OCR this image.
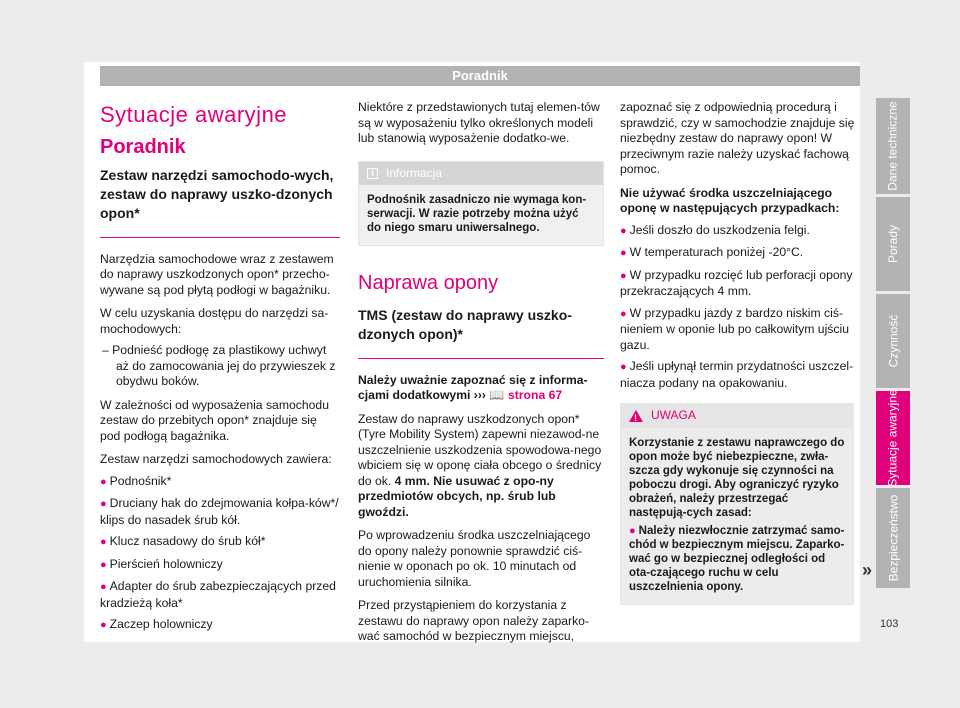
Poradnik
Sytuacje awaryjne
Poradnik
Zestaw narzędzi samochodo-wych, zestaw do naprawy uszko-dzonych opon*

Narzędzia samochodowe wraz z zestawem do naprawy uszkodzonych opon* przecho-wywane są pod płytą podłogi w bagażniku.

W celu uzyskania dostępu do narzędzi sa-mochodowych:

– Podnieść podłogę za plastikowy uchwyt aż do zamocowania jej do przywieszek z obydwu boków.

W zależności od wyposażenia samochodu zestaw do przebitych opon* znajduje się pod podłogą bagażnika.

Zestaw narzędzi samochodowych zawiera:

● Podnośnik*
● Druciany hak do zdejmowania kołpa-ków*/ klips do nasadek śrub kół.
● Klucz nasadowy do śrub kół*
● Pierścień holowniczy
● Adapter do śrub zabezpieczających przed kradzieżą koła*
● Zaczep holowniczy

Niektóre z przedstawionych tutaj elemen-tów są w wyposażeniu tylko określonych modeli lub stanowią wyposażenie dodatko-we.

i	Informacja
Podnośnik zasadniczo nie wymaga kon-serwacji. W razie potrzeby można użyć do niego smaru uniwersalnego.
Naprawa opony
TMS (zestaw do naprawy uszko-dzonych opon)*

Należy uważnie zapoznać się z informa-cjami dodatkowymi ››› 📖 strona 67

Zestaw do naprawy uszkodzonych opon* (Tyre Mobility System) zapewni niezawod-ne uszczelnienie uszkodzenia spowodowa-nego wbiciem się w oponę ciała obcego o średnicy do ok. 4 mm. Nie usuwać z opo-ny przedmiotów obcych, np. śrub lub gwoździ.

Po wprowadzeniu środka uszczelniającego do opony należy ponownie sprawdzić ciś-nienie w oponach po ok. 10 minutach od uruchomienia silnika.

Przed przystąpieniem do korzystania z zestawu do naprawy opon należy zaparko-wać samochód w bezpiecznym miejscu,

zapoznać się z odpowiednią procedurą i sprawdzić, czy w samochodzie znajduje się niezbędny zestaw do naprawy opon! W przeciwnym razie należy uzyskać fachową pomoc.

Nie używać środka uszczelniającego oponę w następujących przypadkach:

● Jeśli doszło do uszkodzenia felgi.
● W temperaturach poniżej -20°C.
● W przypadku rozcięć lub perforacji opony przekraczających 4 mm.
● W przypadku jazdy z bardzo niskim ciś-nieniem w oponie lub po całkowitym ujściu gazu.
● Jeśli upłynął termin przydatności uszczel-niacza podany na opakowaniu.
!
UWAGA
Korzystanie z zestawu naprawczego do opon może być niebezpieczne, zwła-szcza gdy wykonuje się czynności na poboczu drogi. Aby ograniczyć ryzyko obrażeń, należy przestrzegać następują-cych zasad:
● Należy niezwłocznie zatrzymać samo-chód w bezpiecznym miejscu. Zaparko-wać go w bezpiecznej odległości od ota-czającego ruchu w celu uszczelnienia opony.
»
Dane techniczne
Porady
Czynność
Sytuacje awaryjne
Bezpieczeństwo
103
